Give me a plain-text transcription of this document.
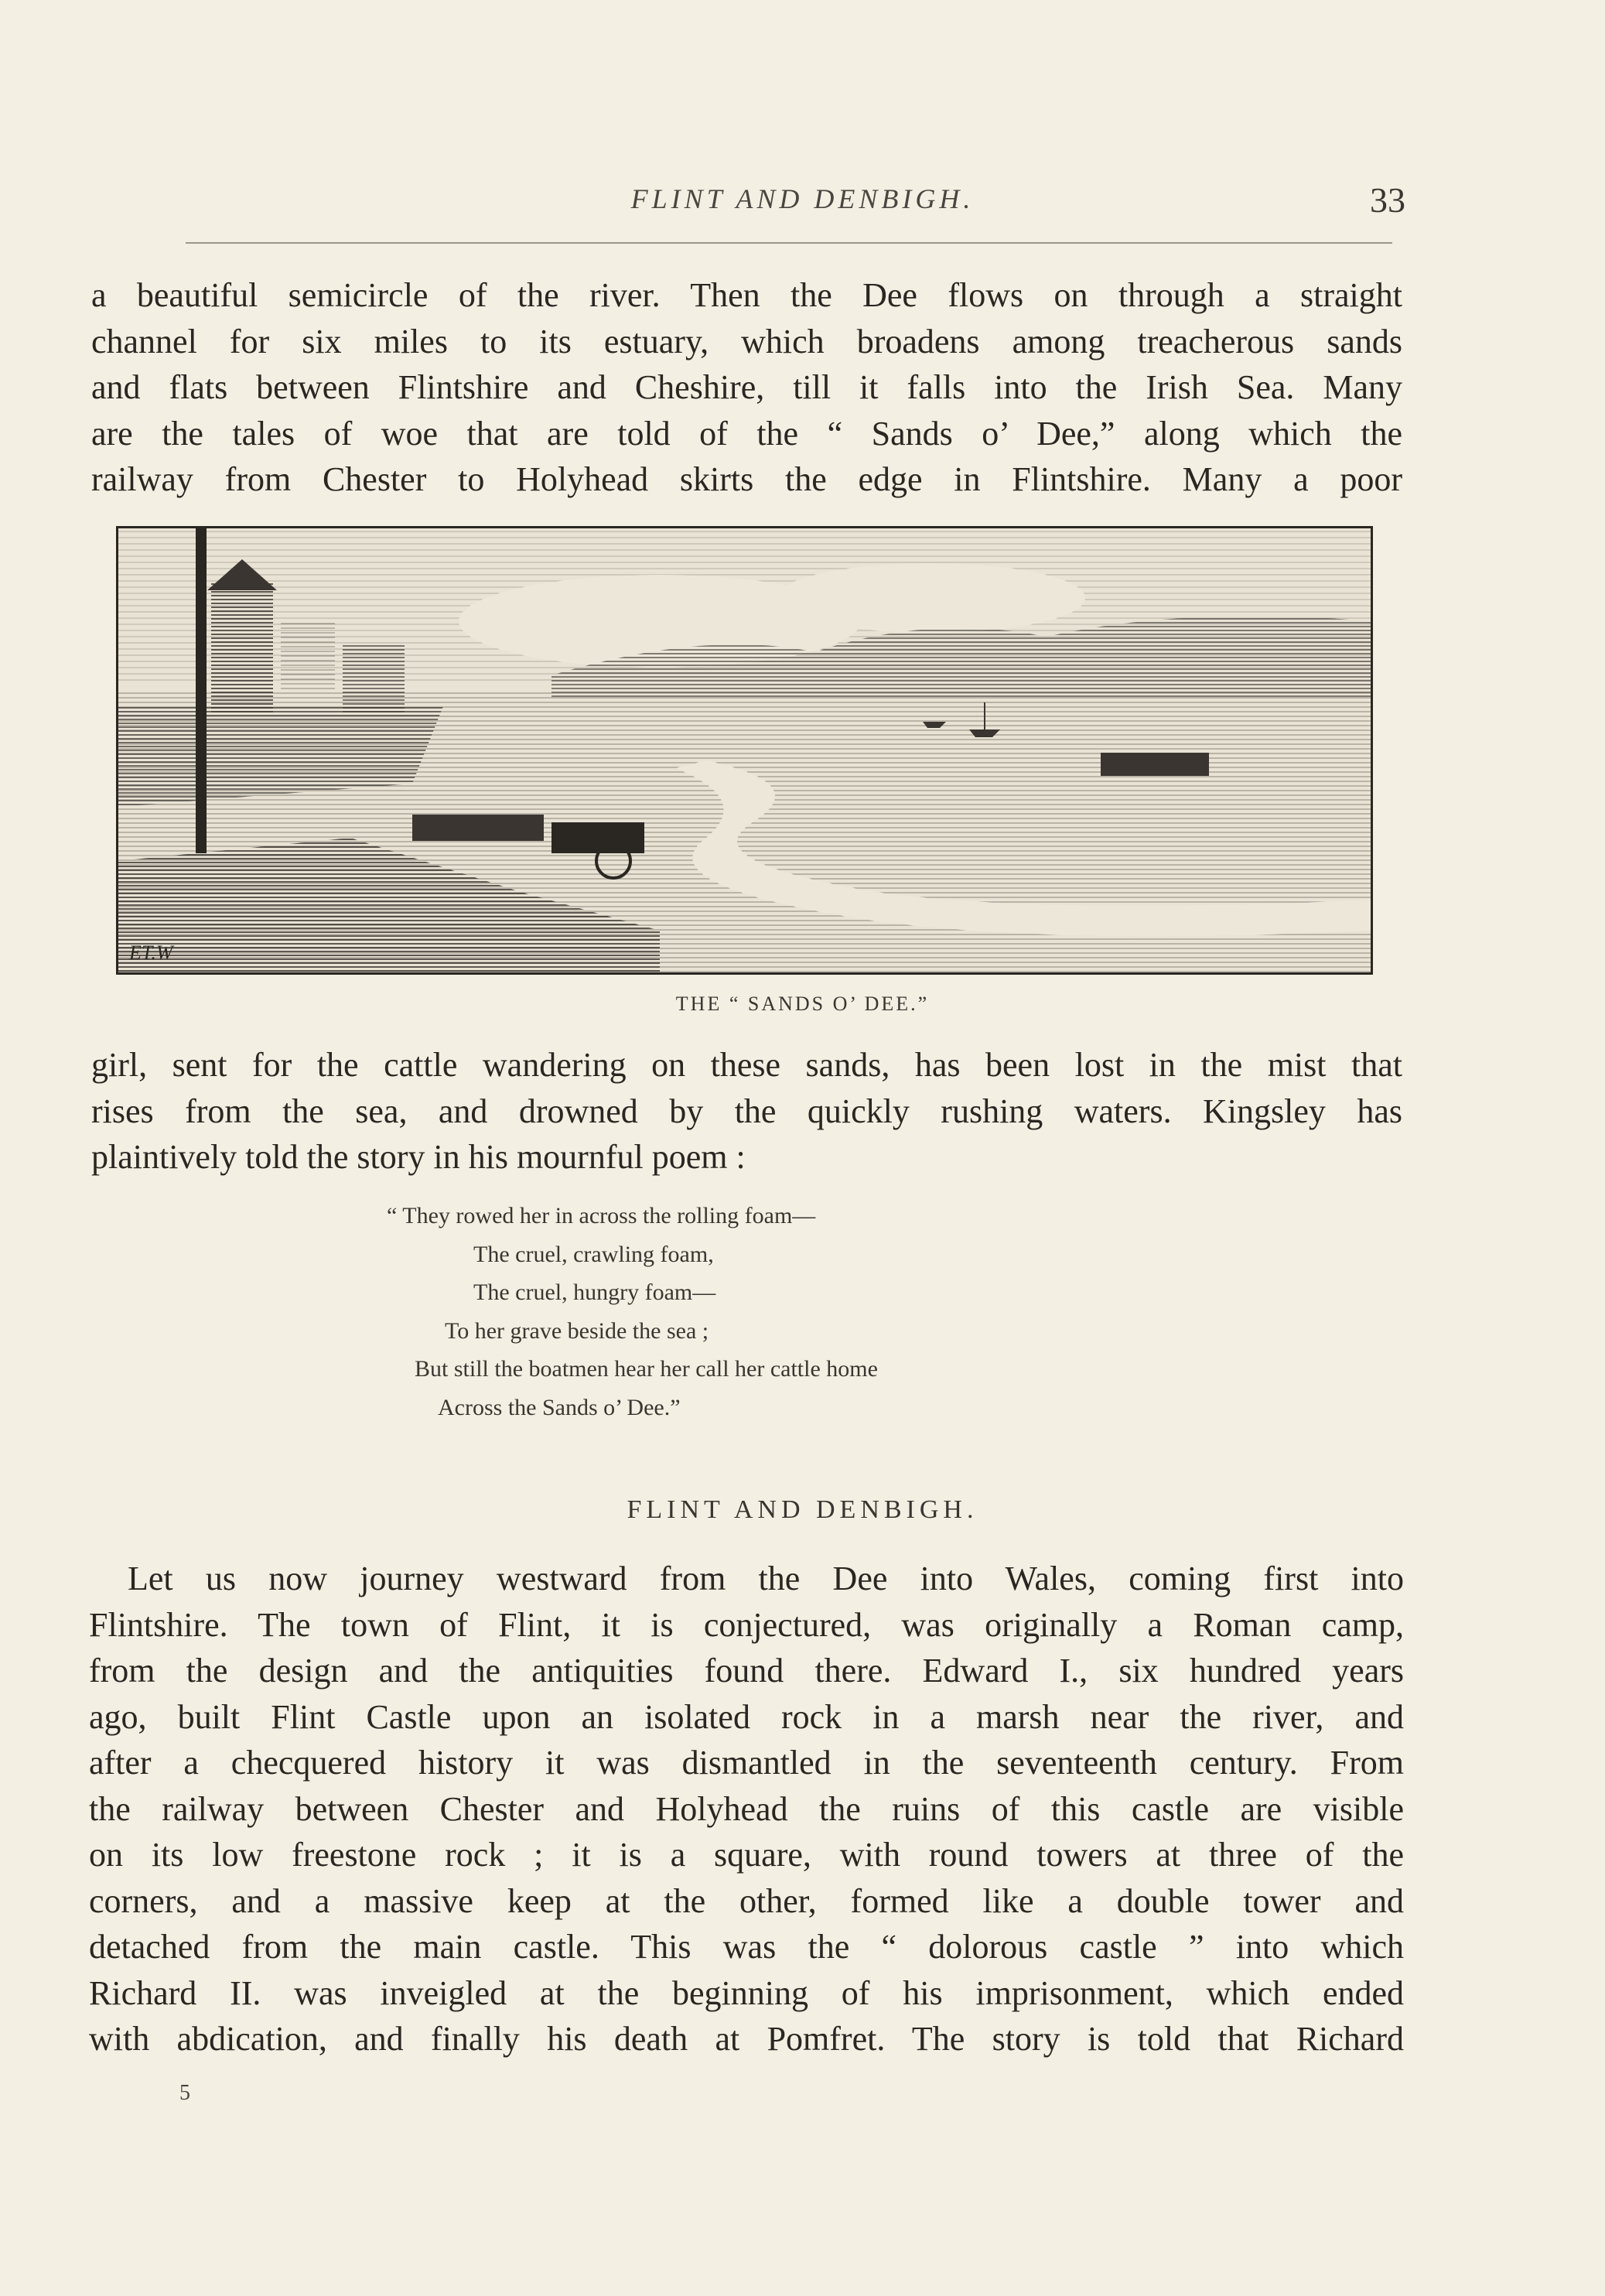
FLINT AND DENBIGH.	33
a beautiful semicircle of the river. Then the Dee flows on through a straight
channel for six miles to its estuary, which broadens among treacherous sands
and flats between Flintshire and Cheshire, till it falls into the Irish Sea. Many
are the tales of woe that are told of the “ Sands o’ Dee,” along which the
railway from Chester to Holyhead skirts the edge in Flintshire. Many a poor
ET.W
THE “ SANDS O’ DEE.”
girl, sent for the cattle wandering on these sands, has been lost in the mist that
rises from the sea, and drowned by the quickly rushing waters. Kingsley has
plaintively told the story in his mournful poem :
“ They rowed her in across the rolling foam—
The cruel, crawling foam,
The cruel, hungry foam—
To her grave beside the sea ;
But still the boatmen hear her call her cattle home
Across the Sands o’ Dee.”
FLINT AND DENBIGH.
Let us now journey westward from the Dee into Wales, coming first into
Flintshire. The town of Flint, it is conjectured, was originally a Roman camp,
from the design and the antiquities found there. Edward I., six hundred years
ago, built Flint Castle upon an isolated rock in a marsh near the river, and
after a checquered history it was dismantled in the seventeenth century. From
the railway between Chester and Holyhead the ruins of this castle are visible
on its low freestone rock ; it is a square, with round towers at three of the
corners, and a massive keep at the other, formed like a double tower and
detached from the main castle. This was the “ dolorous castle ” into which
Richard II. was inveigled at the beginning of his imprisonment, which ended
with abdication, and finally his death at Pomfret. The story is told that Richard
5
